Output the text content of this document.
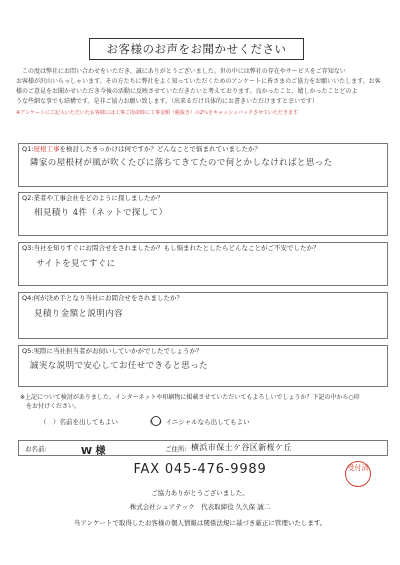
お客様のお声をお聞かせください

この度は弊社にお問い合わせをいただき、誠にありがとうございました。世の中には弊社の存在やサービスをご存知ない

お客様が沢山いらっしゃいます。その方たちに弊社をよく知っていただくためのアンケートに皆さまのご協力をお願いいたします。お客

様のご意見をお聞かせいただき今後の活動に反映させていただきたいと考えております。良かったこと、嬉しかったことどのよ

うな些細な事でも結構です。是非ご協力お願い致します。（出来るだけ具体的にお書きいただけますと幸いです）

※アンケートにご記入いただいたお客様には工事ご用命時に工事金額（税抜き）の2％をキャッシュバックさせていただきます

Q1:屋根工事を検討したきっかけは何ですか？どんなことで悩まれていましたか？
隣家の屋根材が風が吹くたびに落ちてきてたので何とかしなければと思った
Q2:業者や工事会社をどのように探しましたか？
相見積り 4件（ネットで探して）
Q3:当社を知りすぐにお問合せをされましたか？もし悩まれたとしたらどんなことがご不安でしたか？
サイトを見てすぐに
Q4:何が決め手となり当社にお問合せをされましたか？
見積り金額と説明内容
Q5:実際に当社担当者がお伺いしていかがでしたでしょうか？
誠実な説明で安心してお任せできると思った
※上記について検討がありました。インターネットや印刷物に掲載させていただいてもよろしいでしょうか？下記の中から○印
をお付けください。
（　）名前を出してもよい	（　）イニシャルなら出してもよい
お名前:	W 様	ご住所: 横浜市保土ケ谷区新桜ケ丘
FAX 045-476-9989	受付済
ご協力ありがとうございました。
株式会社シュアテック　代表取締役 久久保 誠二
当アンケートで取得したお客様の個人情報は関係法規に基づき厳正に管理いたします。
